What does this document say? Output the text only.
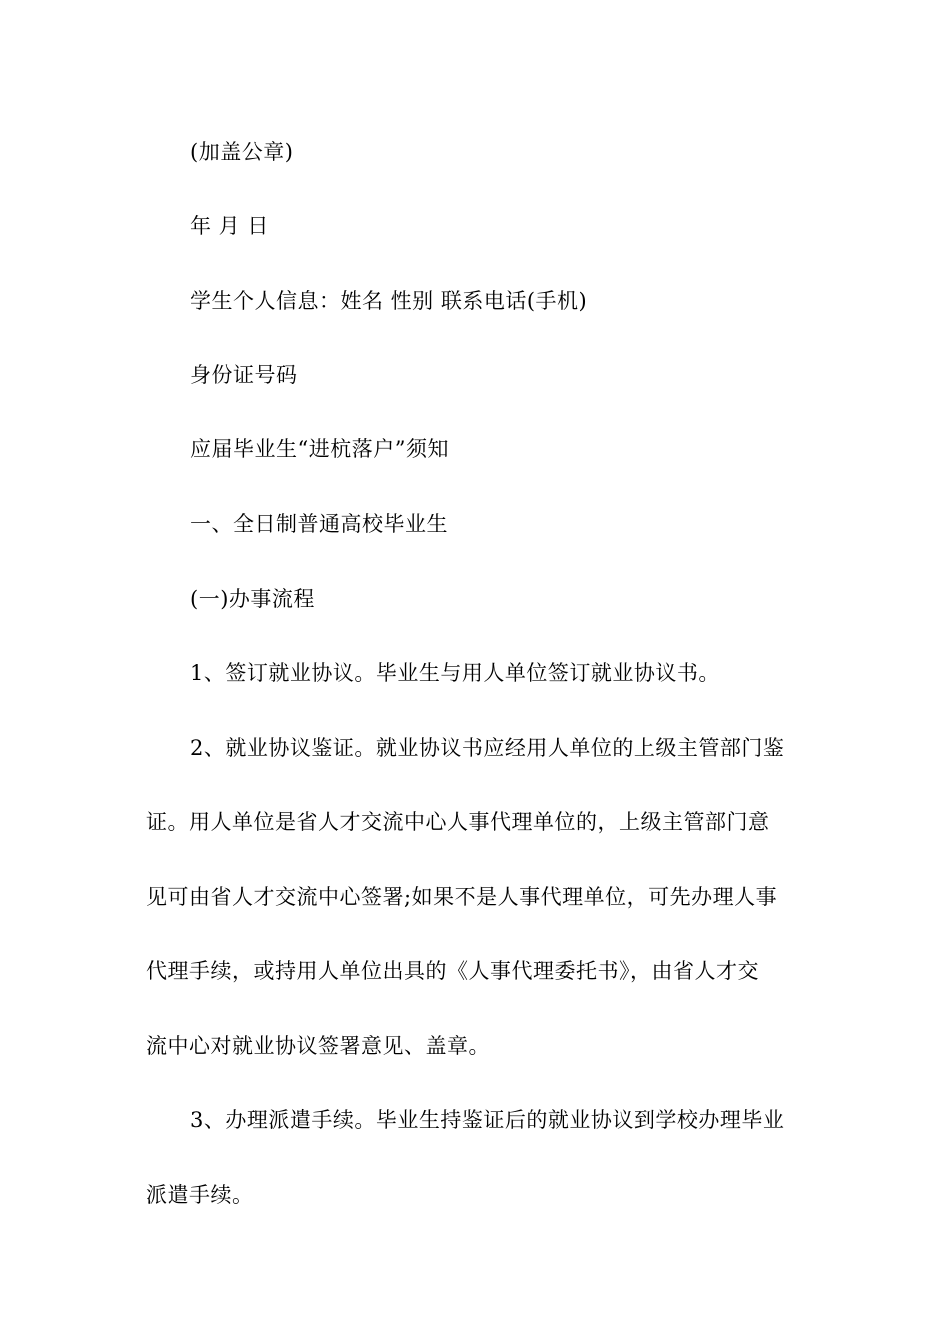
(加盖公章)
年 月 日
学生个人信息：姓名 性别 联系电话(手机)
身份证号码
应届毕业生“进杭落户”须知
一、全日制普通高校毕业生
(一)办事流程
1、签订就业协议。毕业生与用人单位签订就业协议书。
2、就业协议鉴证。就业协议书应经用人单位的上级主管部门鉴
证。用人单位是省人才交流中心人事代理单位的，上级主管部门意
见可由省人才交流中心签署;如果不是人事代理单位，可先办理人事
代理手续，或持用人单位出具的《人事代理委托书》，由省人才交
流中心对就业协议签署意见、盖章。
3、办理派遣手续。毕业生持鉴证后的就业协议到学校办理毕业
派遣手续。
